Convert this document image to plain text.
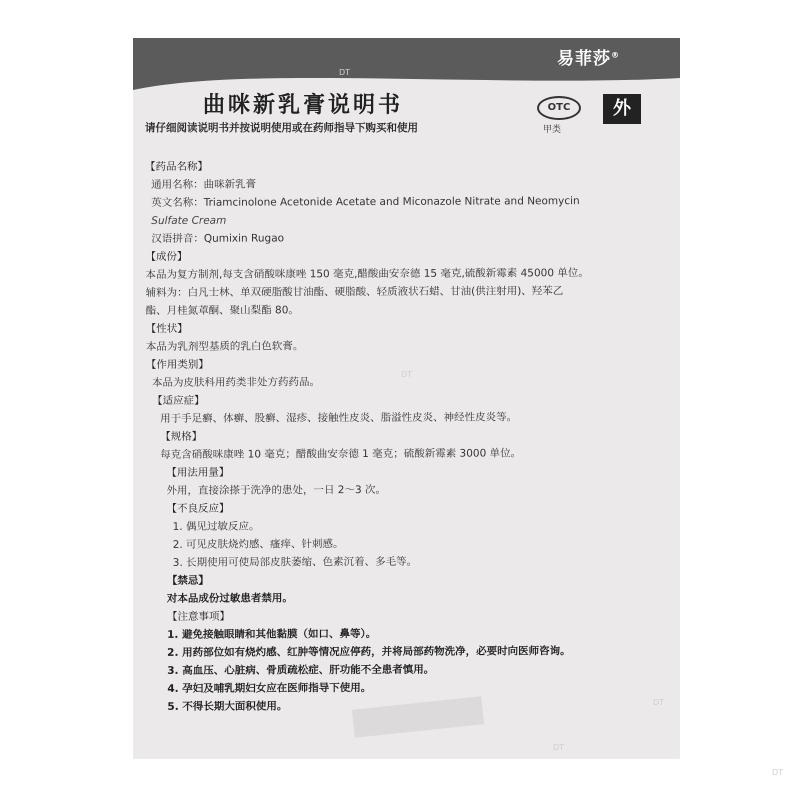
易菲莎®
DT
DT
DT
DT
曲咪新乳膏说明书
请仔细阅读说明书并按说明使用或在药师指导下购买和使用
OTC
甲类
外
【药品名称】
通用名称：曲咪新乳膏
英文名称：Triamcinolone Acetonide Acetate and Miconazole Nitrate and Neomycin
Sulfate Cream
汉语拼音：Qumixin Rugao
【成份】
本品为复方制剂,每支含硝酸咪康唑 150 毫克,醋酸曲安奈德 15 毫克,硫酸新霉素 45000 单位。
辅料为：白凡士林、单双硬脂酸甘油酯、硬脂酸、轻质液状石蜡、甘油(供注射用)、羟苯乙
酯、月桂氮䓬酮、聚山梨酯 80。
【性状】
本品为乳剂型基质的乳白色软膏。
【作用类别】
本品为皮肤科用药类非处方药药品。
【适应症】
用于手足癣、体癣、股癣、湿疹、接触性皮炎、脂溢性皮炎、神经性皮炎等。
【规格】
每克含硝酸咪康唑 10 毫克；醋酸曲安奈德 1 毫克；硫酸新霉素 3000 单位。
【用法用量】
外用，直接涂搽于洗净的患处，一日 2～3 次。
【不良反应】
1. 偶见过敏反应。
2. 可见皮肤烧灼感、瘙痒、针刺感。
3. 长期使用可使局部皮肤萎缩、色素沉着、多毛等。
【禁忌】
对本品成份过敏患者禁用。
【注意事项】
1. 避免接触眼睛和其他黏膜（如口、鼻等）。
2. 用药部位如有烧灼感、红肿等情况应停药，并将局部药物洗净，必要时向医师咨询。
3. 高血压、心脏病、骨质疏松症、肝功能不全患者慎用。
4. 孕妇及哺乳期妇女应在医师指导下使用。
5. 不得长期大面积使用。
DT
